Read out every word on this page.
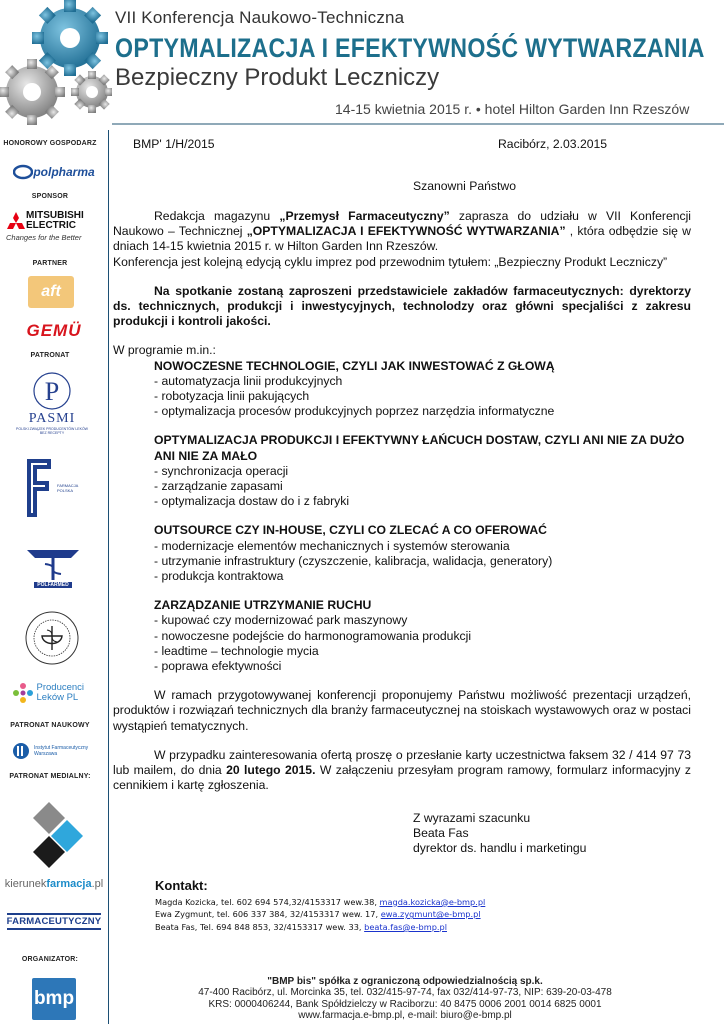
VII Konferencja Naukowo-Techniczna
OPTYMALIZACJA I EFEKTYWNOŚĆ WYTWARZANIA
Bezpieczny Produkt Leczniczy
14-15 kwietnia 2015 r. • hotel Hilton Garden Inn Rzeszów
HONOROWY GOSPODARZ
polpharma
SPONSOR
MITSUBISHI ELECTRIC
Changes for the Better
PARTNER
aft
GEMÜ
PATRONAT
P
PASMI
POLSKI ZWIĄZEK PRODUCENTÓW LEKÓW BEZ RECEPTY
FARMACJA POLSKA
POLFARMED
Producenci Leków PL
PATRONAT NAUKOWY
Instytut Farmaceutyczny Warszawa
PATRONAT MEDIALNY:
kierunek farmacja .pl
FARMACEUTYCZNY
ORGANIZATOR:
bmp
BMP' 1/H/2015	Racibórz, 2.03.2015
Szanowni Państwo

Redakcja magazynu „Przemysł Farmaceutyczny” zaprasza do udziału w VII Konferencji Naukowo – Technicznej „OPTYMALIZACJA I EFEKTYWNOŚĆ WYTWARZANIA” , która odbędzie się w dniach 14-15 kwietnia 2015 r. w Hilton Garden Inn Rzeszów.

Konferencja jest kolejną edycją cyklu imprez pod przewodnim tytułem: „Bezpieczny Produkt Leczniczy”

Na spotkanie zostaną zaproszeni przedstawiciele zakładów farmaceutycznych: dyrektorzy ds. technicznych, produkcji i inwestycyjnych, technolodzy oraz główni specjaliści z zakresu produkcji i kontroli jakości.

W programie m.in.:

NOWOCZESNE TECHNOLOGIE, CZYLI JAK INWESTOWAĆ Z GŁOWĄ
- automatyzacja linii produkcyjnych
- robotyzacja linii pakujących
- optymalizacja procesów produkcyjnych poprzez narzędzia informatyczne
OPTYMALIZACJA PRODUKCJI I EFEKTYWNY ŁAŃCUCH DOSTAW, CZYLI ANI NIE ZA DUŻO ANI NIE ZA MAŁO
- synchronizacja operacji
- zarządzanie zapasami
- optymalizacja dostaw do i z fabryki
OUTSOURCE CZY IN-HOUSE, CZYLI CO ZLECAĆ A CO OFEROWAĆ
- modernizacje elementów mechanicznych i systemów sterowania
- utrzymanie infrastruktury (czyszczenie, kalibracja, walidacja, generatory)
- produkcja kontraktowa
ZARZĄDZANIE UTRZYMANIE RUCHU
- kupować czy modernizować park maszynowy
- nowoczesne podejście do harmonogramowania produkcji
- leadtime – technologie mycia
- poprawa efektywności

W ramach przygotowywanej konferencji proponujemy Państwu możliwość prezentacji urządzeń, produktów i rozwiązań technicznych dla branży farmaceutycznej na stoiskach wystawowych oraz w postaci wystąpień tematycznych.

W przypadku zainteresowania ofertą proszę o przesłanie karty uczestnictwa faksem 32 / 414 97 73 lub mailem, do dnia 20 lutego 2015. W załączeniu przesyłam program ramowy, formularz informacyjny z cennikiem i kartę zgłoszenia.

Z wyrazami szacunku
Beata Fas
dyrektor ds. handlu i marketingu
Kontakt:
Magda Kozicka, tel. 602 694 574,32/4153317 wew.38, magda.kozicka@e-bmp.pl
Ewa Zygmunt, tel. 606 337 384, 32/4153317 wew. 17, ewa.zygmunt@e-bmp.pl
Beata Fas, Tel. 694 848 853, 32/4153317 wew. 33, beata.fas@e-bmp.pl
"BMP bis" spółka z ograniczoną odpowiedzialnością sp.k.
47-400 Racibórz, ul. Morcinka 35, tel. 032/415-97-74, fax 032/414-97-73, NIP: 639-20-03-478
KRS: 0000406244, Bank Spółdzielczy w Raciborzu: 40 8475 0006 2001 0014 6825 0001
www.farmacja.e-bmp.pl, e-mail: biuro@e-bmp.pl
